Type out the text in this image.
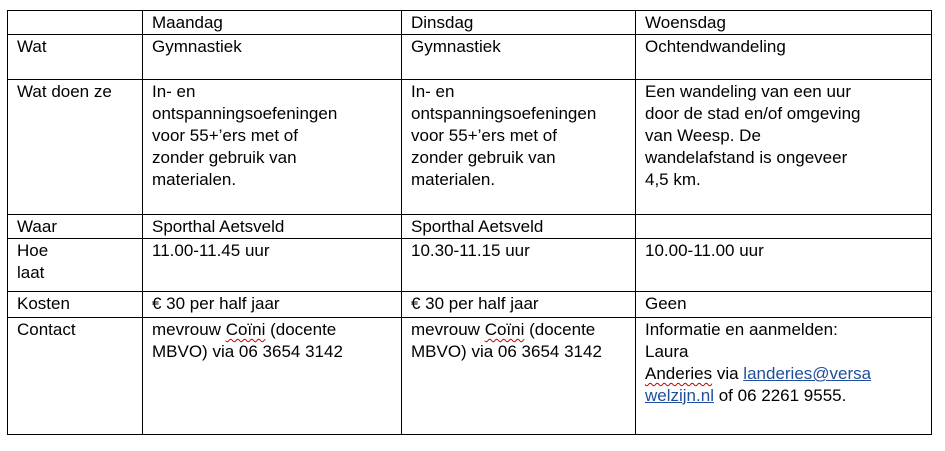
	Maandag	Dinsdag	Woensdag
Wat	Gymnastiek	Gymnastiek	Ochtendwandeling
Wat doen ze	In- en
ontspanningsoefeningen
voor 55+’ers met of
zonder gebruik van
materialen.	In- en
ontspanningsoefeningen
voor 55+’ers met of
zonder gebruik van
materialen.	Een wandeling van een uur
door de stad en/of omgeving
van Weesp. De
wandelafstand is ongeveer
4,5 km.

Waar	Sporthal Aetsveld	Sporthal Aetsveld	

Hoe
laat	11.00-11.45 uur	10.30-11.15 uur	10.00-11.00 uur
Kosten	€ 30 per half jaar	€ 30 per half jaar	Geen
Contact	mevrouw Coïni (docente
MBVO) via 06 3654 3142	mevrouw Coïni (docente
MBVO) via 06 3654 3142	Informatie en aanmelden:
Laura
Anderies via landeries@versa
welzijn.nl of 06 2261 9555.
